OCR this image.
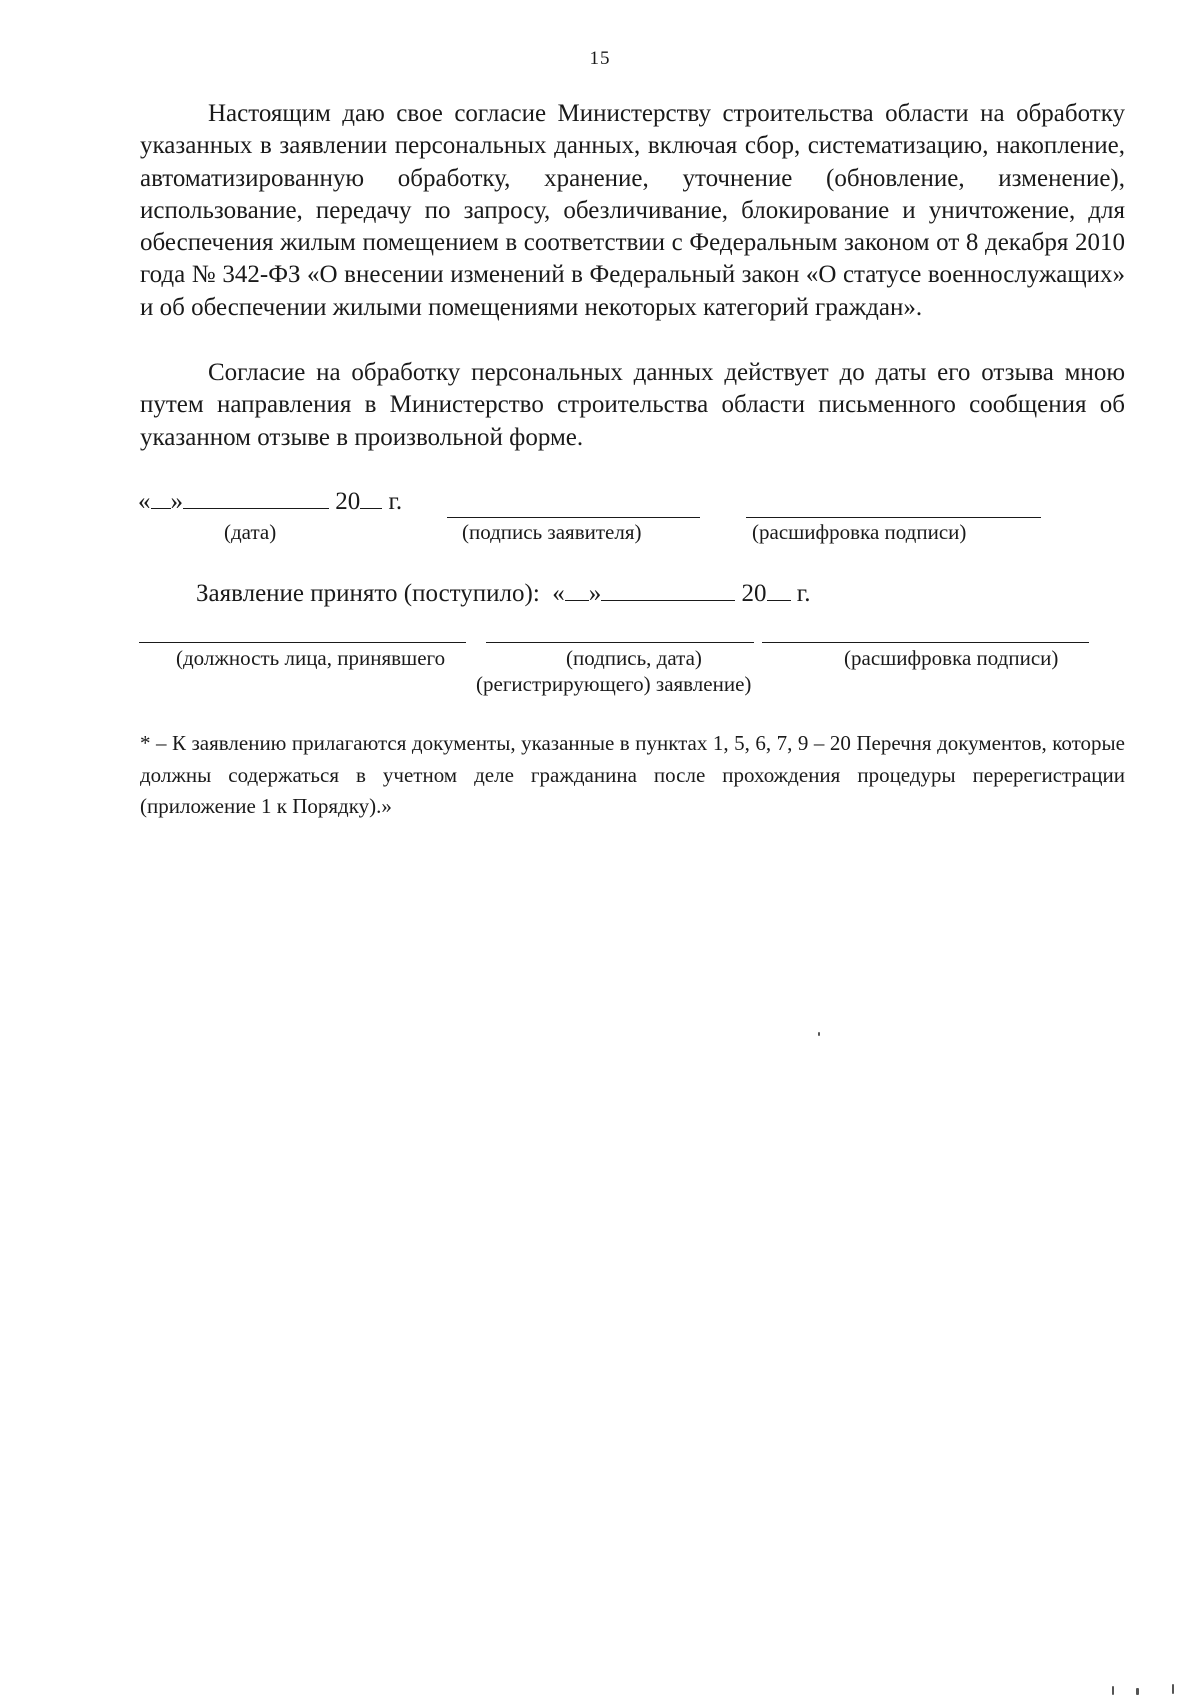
15

Настоящим даю свое согласие Министерству строительства области на обработку указанных в заявлении персональных данных, включая сбор, систематизацию, накопление, автоматизированную обработку, хранение, уточнение (обновление, изменение), использование, передачу по запросу, обезличивание, блокирование и уничтожение, для обеспечения жилым помещением в соответствии с Федеральным законом от 8 декабря 2010 года № 342-ФЗ «О внесении изменений в Федеральный закон «О статусе военнослужащих» и об обеспечении жилыми помещениями некоторых категорий граждан».

Согласие на обработку персональных данных действует до даты его отзыва мною путем направления в Министерство строительства области письменного сообщения об указанном отзыве в произвольной форме.

« »	20 г.
(дата)	(подпись заявителя)	(расшифровка подписи)
Заявление принято (поступило): « »	20 г.
(должность лица, принявшего	(подпись, дата)	(расшифровка подписи)
(регистрирующего) заявление)

* – К заявлению прилагаются документы, указанные в пунктах 1, 5, 6, 7, 9 – 20 Перечня документов, которые должны содержаться в учетном деле гражданина после прохождения процедуры перерегистрации (приложение 1 к Порядку).»
